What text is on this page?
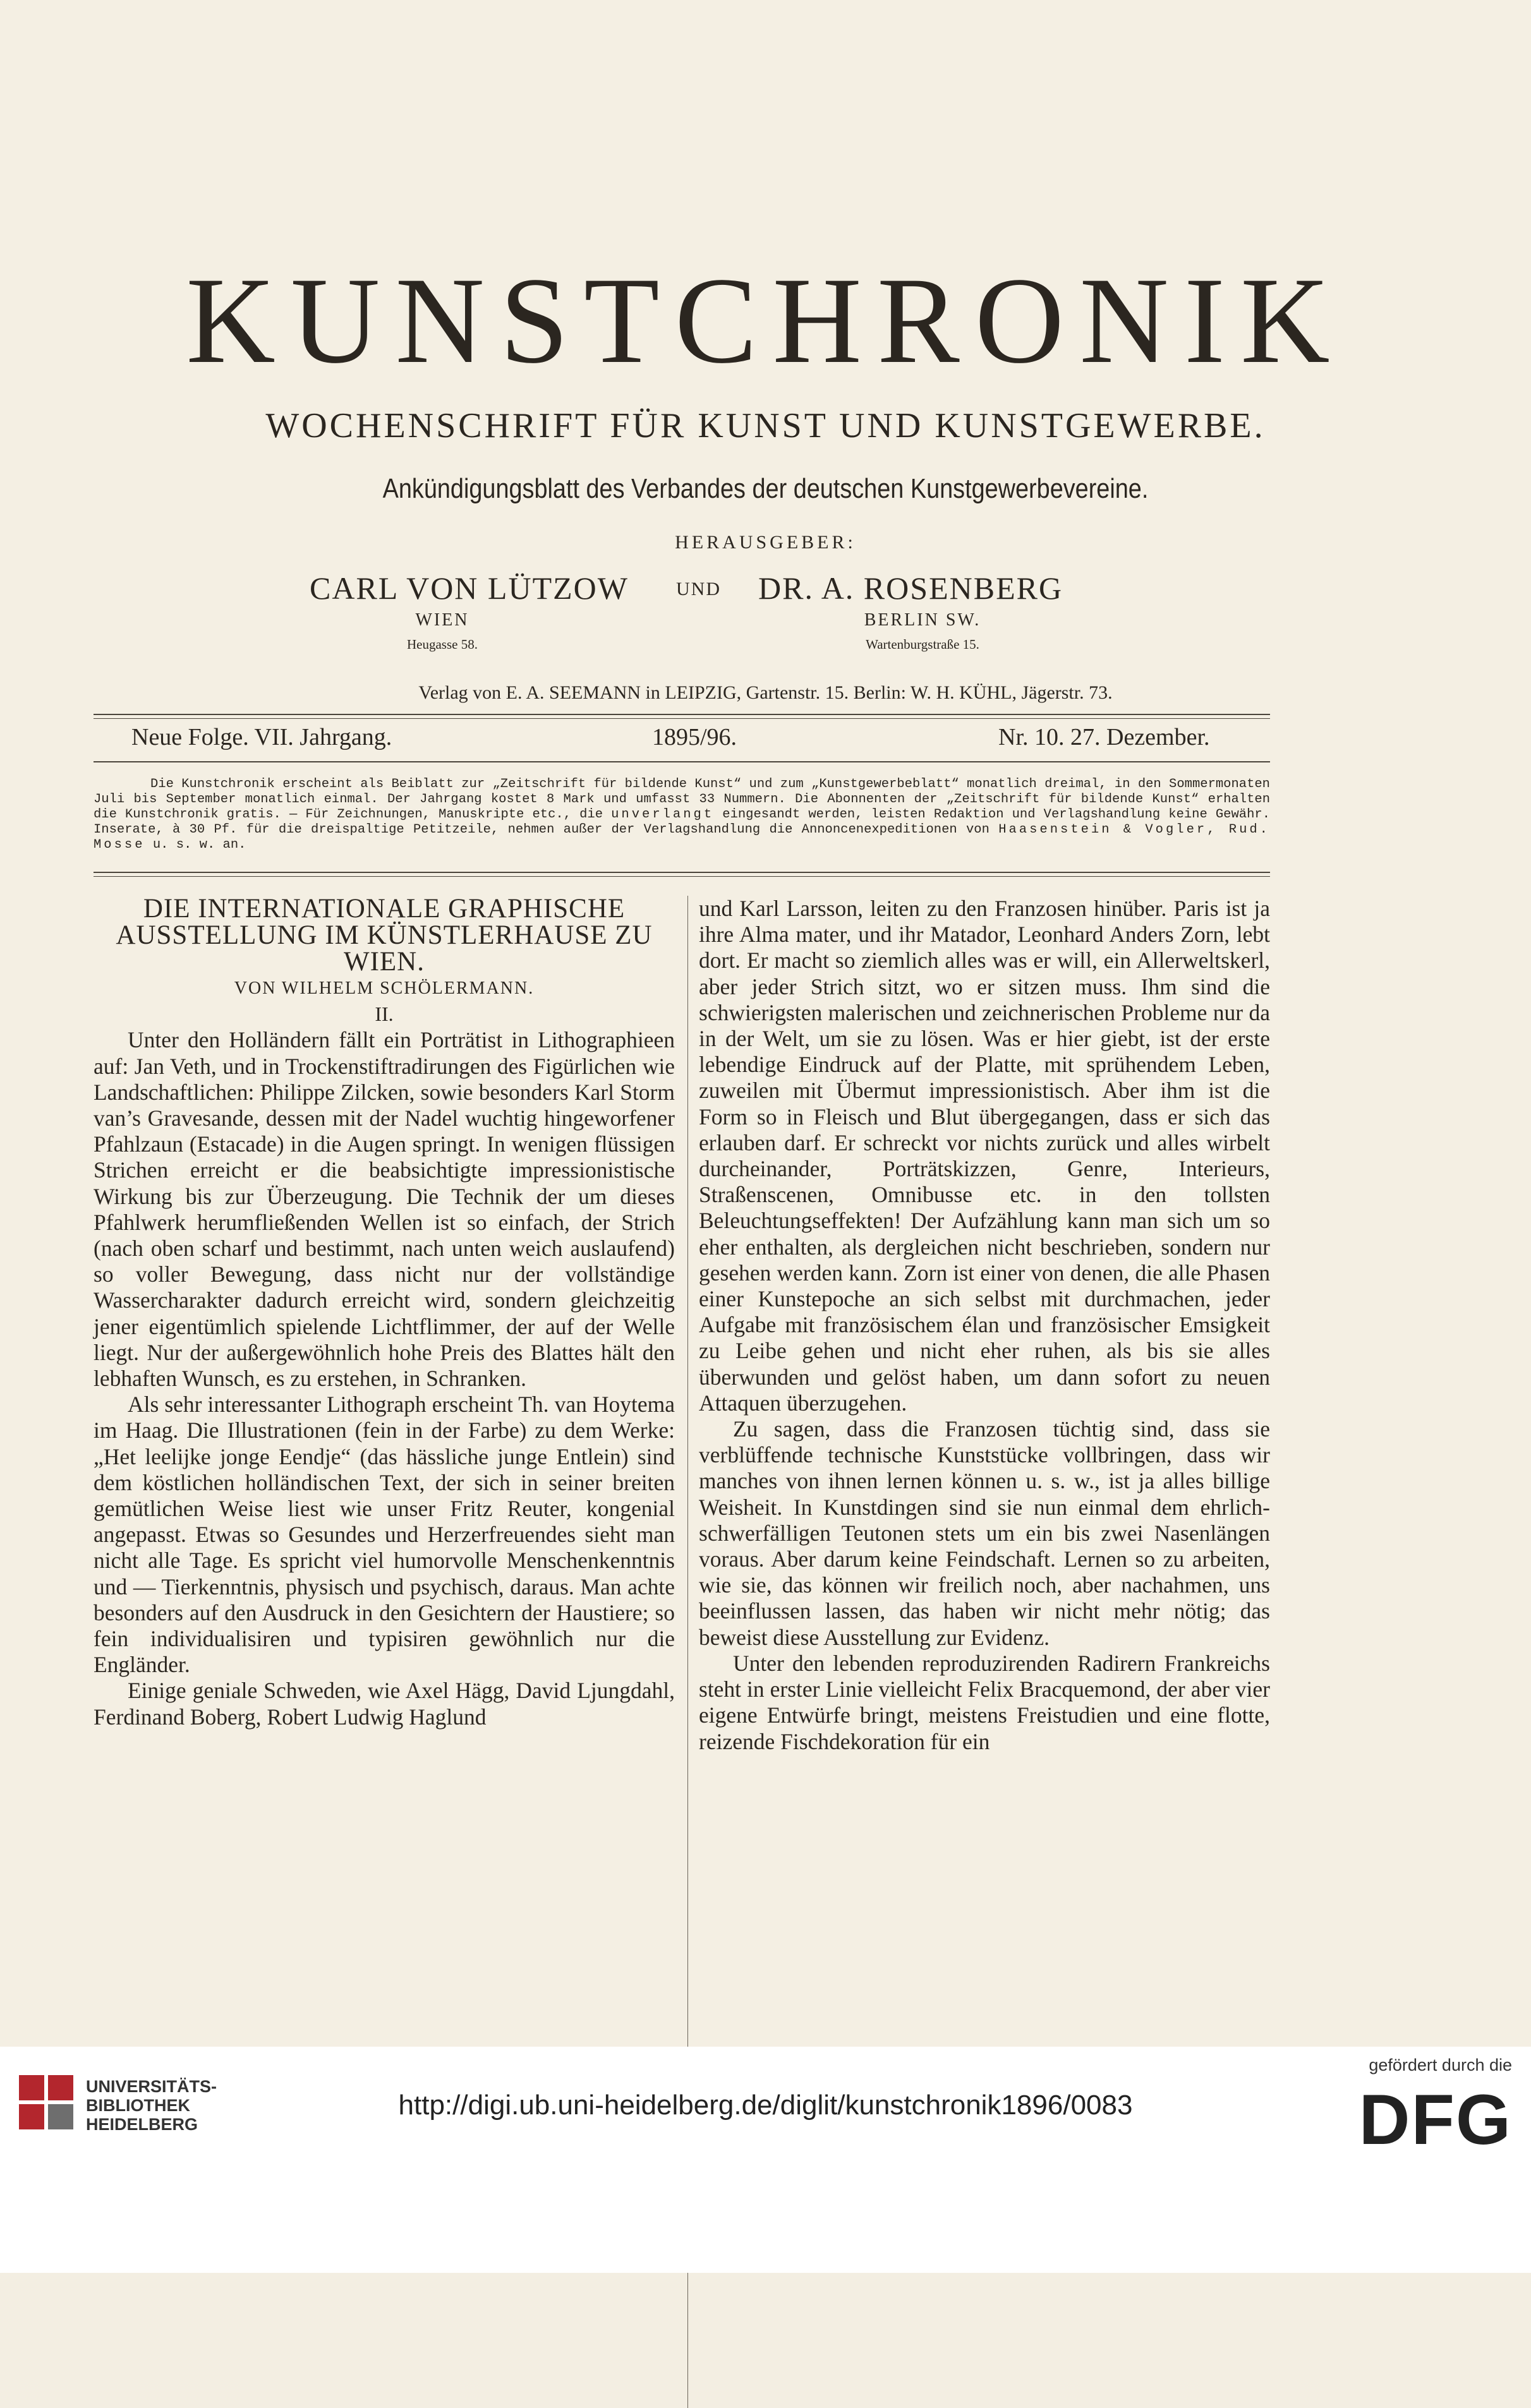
KUNSTCHRONIK
WOCHENSCHRIFT FÜR KUNST UND KUNSTGEWERBE.
Ankündigungsblatt des Verbandes der deutschen Kunstgewerbevereine.
HERAUSGEBER:
CARL VON LÜTZOW	UND DR. A. ROSENBERG
WIEN	BERLIN SW.
Heugasse 58.	Wartenburgstraße 15.
Verlag von E. A. SEEMANN in LEIPZIG, Gartenstr. 15. Berlin: W. H. KÜHL, Jägerstr. 73.
Neue Folge. VII. Jahrgang.	1895/96.	Nr. 10. 27. Dezember.

Die Kunstchronik erscheint als Beiblatt zur „Zeitschrift für bildende Kunst“ und zum „Kunstgewerbeblatt“ monatlich dreimal, in den Sommermonaten Juli bis September monatlich einmal. Der Jahrgang kostet 8 Mark und umfasst 33 Nummern. Die Abonnenten der „Zeitschrift für bildende Kunst“ erhalten die Kunstchronik gratis. — Für Zeichnungen, Manuskripte etc., die unverlangt eingesandt werden, leisten Redaktion und Verlagshandlung keine Gewähr. Inserate, à 30 Pf. für die dreispaltige Petitzeile, nehmen außer der Verlagshandlung die Annoncenexpeditionen von Haasenstein & Vogler, Rud. Mosse u. s. w. an.

DIE INTERNATIONALE GRAPHISCHE AUSSTELLUNG IM KÜNSTLERHAUSE ZU WIEN.

VON WILHELM SCHÖLERMANN.

II.

Unter den Holländern fällt ein Porträtist in Lithographieen auf: Jan Veth, und in Trockenstiftradirungen des Figürlichen wie Landschaftlichen: Philippe Zilcken, sowie besonders Karl Storm van’s Gravesande, dessen mit der Nadel wuchtig hingeworfener Pfahlzaun (Estacade) in die Augen springt. In wenigen flüssigen Strichen erreicht er die beabsichtigte impressionistische Wirkung bis zur Überzeugung. Die Technik der um dieses Pfahlwerk herumfließenden Wellen ist so einfach, der Strich (nach oben scharf und bestimmt, nach unten weich auslaufend) so voller Bewegung, dass nicht nur der vollständige Wassercharakter dadurch erreicht wird, sondern gleichzeitig jener eigentümlich spielende Lichtflimmer, der auf der Welle liegt. Nur der außergewöhnlich hohe Preis des Blattes hält den lebhaften Wunsch, es zu erstehen, in Schranken.

Als sehr interessanter Lithograph erscheint Th. van Hoytema im Haag. Die Illustrationen (fein in der Farbe) zu dem Werke: „Het leelijke jonge Eendje“ (das hässliche junge Entlein) sind dem köstlichen holländischen Text, der sich in seiner breiten gemütlichen Weise liest wie unser Fritz Reuter, kongenial angepasst. Etwas so Gesundes und Herzerfreuendes sieht man nicht alle Tage. Es spricht viel humorvolle Menschenkenntnis und — Tierkenntnis, physisch und psychisch, daraus. Man achte besonders auf den Ausdruck in den Gesichtern der Haustiere; so fein individualisiren und typisiren gewöhnlich nur die Engländer.

Einige geniale Schweden, wie Axel Hägg, David Ljungdahl, Ferdinand Boberg, Robert Ludwig Haglund

und Karl Larsson, leiten zu den Franzosen hinüber. Paris ist ja ihre Alma mater, und ihr Matador, Leonhard Anders Zorn, lebt dort. Er macht so ziemlich alles was er will, ein Allerweltskerl, aber jeder Strich sitzt, wo er sitzen muss. Ihm sind die schwierigsten malerischen und zeichnerischen Probleme nur da in der Welt, um sie zu lösen. Was er hier giebt, ist der erste lebendige Eindruck auf der Platte, mit sprühendem Leben, zuweilen mit Übermut impressionistisch. Aber ihm ist die Form so in Fleisch und Blut übergegangen, dass er sich das erlauben darf. Er schreckt vor nichts zurück und alles wirbelt durcheinander, Porträtskizzen, Genre, Interieurs, Straßenscenen, Omnibusse etc. in den tollsten Beleuchtungseffekten! Der Aufzählung kann man sich um so eher enthalten, als dergleichen nicht beschrieben, sondern nur gesehen werden kann. Zorn ist einer von denen, die alle Phasen einer Kunstepoche an sich selbst mit durchmachen, jeder Aufgabe mit französischem élan und französischer Emsigkeit zu Leibe gehen und nicht eher ruhen, als bis sie alles überwunden und gelöst haben, um dann sofort zu neuen Attaquen überzugehen.

Zu sagen, dass die Franzosen tüchtig sind, dass sie verblüffende technische Kunststücke vollbringen, dass wir manches von ihnen lernen können u. s. w., ist ja alles billige Weisheit. In Kunstdingen sind sie nun einmal dem ehrlich-schwerfälligen Teutonen stets um ein bis zwei Nasenlängen voraus. Aber darum keine Feindschaft. Lernen so zu arbeiten, wie sie, das können wir freilich noch, aber nachahmen, uns beeinflussen lassen, das haben wir nicht mehr nötig; das beweist diese Ausstellung zur Evidenz.

Unter den lebenden reproduzirenden Radirern Frankreichs steht in erster Linie vielleicht Felix Bracquemond, der aber vier eigene Entwürfe bringt, meistens Freistudien und eine flotte, reizende Fischdekoration für ein

UNIVERSITÄTS-
BIBLIOTHEK
HEIDELBERG
http://digi.ub.uni-heidelberg.de/diglit/kunstchronik1896/0083
gefördert durch die
DFG
